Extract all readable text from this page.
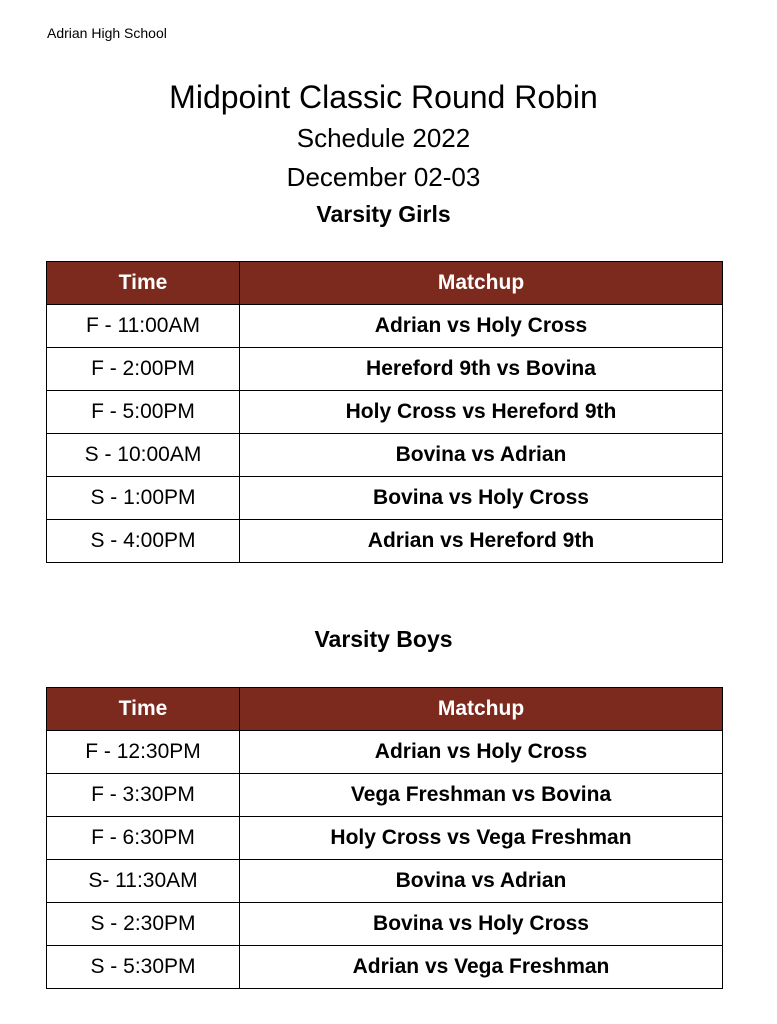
Adrian High School
Midpoint Classic Round Robin
Schedule 2022
December 02-03
Varsity Girls
Time	Matchup
F - 11:00AM	Adrian vs Holy Cross
F - 2:00PM	Hereford 9th vs Bovina
F - 5:00PM	Holy Cross vs Hereford 9th
S - 10:00AM	Bovina vs Adrian
S - 1:00PM	Bovina vs Holy Cross
S - 4:00PM	Adrian vs Hereford 9th
Varsity Boys
Time	Matchup
F - 12:30PM	Adrian vs Holy Cross
F - 3:30PM	Vega Freshman vs Bovina
F - 6:30PM	Holy Cross vs Vega Freshman
S- 11:30AM	Bovina vs Adrian
S - 2:30PM	Bovina vs Holy Cross
S - 5:30PM	Adrian vs Vega Freshman
